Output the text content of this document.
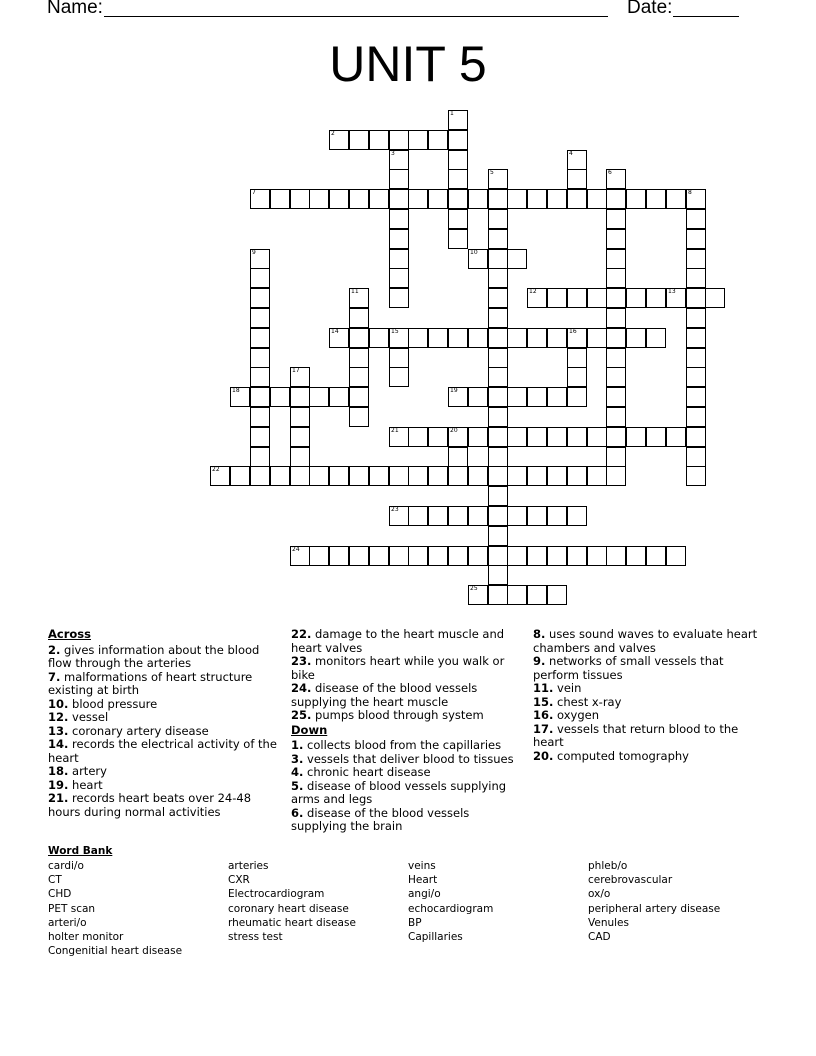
Name:	Date:
UNIT 5
2
7	8
10
12	13
14	15	16
18	19
21	20
22
23
24
25
1
3	4
5	6
9
11
17
Across
2. gives information about the blood flow through the arteries
7. malformations of heart structure existing at birth
10. blood pressure
12. vessel
13. coronary artery disease
14. records the electrical activity of the heart
18. artery
19. heart
21. records heart beats over 24-48 hours during normal activities
22. damage to the heart muscle and heart valves
23. monitors heart while you walk or bike
24. disease of the blood vessels supplying the heart muscle
25. pumps blood through system
Down
1. collects blood from the capillaries
3. vessels that deliver blood to tissues
4. chronic heart disease
5. disease of blood vessels supplying arms and legs
6. disease of the blood vessels supplying the brain
8. uses sound waves to evaluate heart chambers and valves
9. networks of small vessels that perform tissues
11. vein
15. chest x-ray
16. oxygen
17. vessels that return blood to the heart
20. computed tomography
Word Bank
cardi/o
CT
CHD
PET scan
arteri/o
holter monitor
Congenitial heart disease
arteries
CXR
Electrocardiogram
coronary heart disease
rheumatic heart disease
stress test
veins
Heart
angi/o
echocardiogram
BP
Capillaries
phleb/o
cerebrovascular
ox/o
peripheral artery disease
Venules
CAD
